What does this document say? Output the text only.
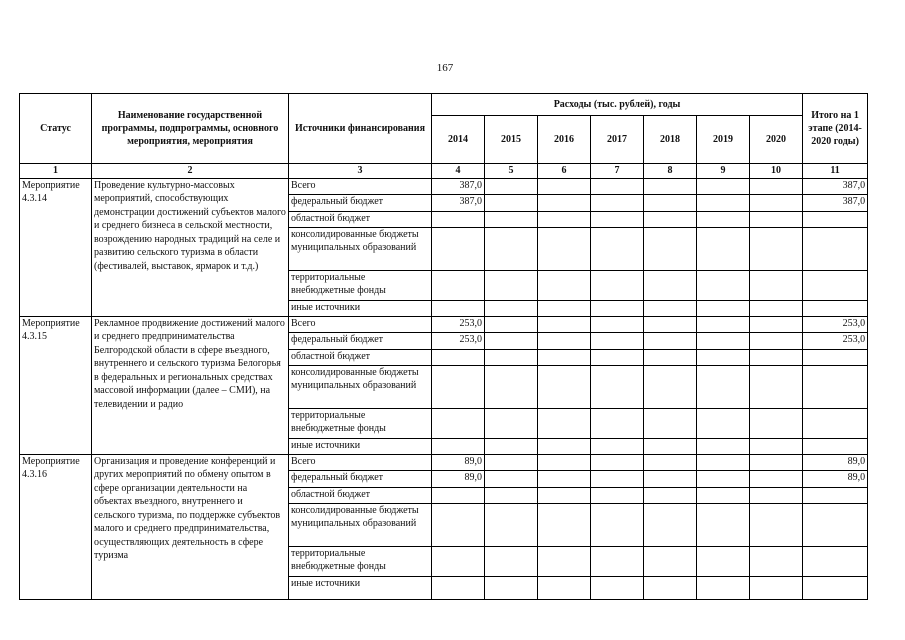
167
Статус	Наименование государственной программы, подпрограммы, основного мероприятия, мероприятия	Источники финансирования	Расходы (тыс. рублей), годы							Итого на 1 этапе (2014-2020 годы)
			2014	2015	2016	2017	2018	2019	2020	
1	2	3	4	5	6	7	8	9	10	11
Мероприятие 4.3.14	Проведение культурно-массовых мероприятий, способствующих демонстрации достижений субъектов малого и среднего бизнеса в сельской местности, возрождению народных традиций на селе и развитию сельского туризма в области (фестивалей, выставок, ярмарок и т.д.)	Всего	387,0							387,0
		федеральный бюджет	387,0							387,0
		областной бюджет								
		консолидированные бюджеты муниципальных образований								
		территориальные внебюджетные фонды								
		иные источники								
Мероприятие 4.3.15	Рекламное продвижение достижений малого и среднего предпринимательства Белгородской области в сфере въездного, внутреннего и сельского туризма Белогорья в федеральных и региональных средствах массовой информации (далее – СМИ), на телевидении и радио	Всего	253,0							253,0
		федеральный бюджет	253,0							253,0
		областной бюджет								
		консолидированные бюджеты муниципальных образований								
		территориальные внебюджетные фонды								
		иные источники								
Мероприятие 4.3.16	Организация и проведение конференций и других мероприятий по обмену опытом в сфере организации деятельности на объектах въездного, внутреннего и сельского туризма, по поддержке субъектов малого и среднего предпринимательства, осуществляющих деятельность в сфере туризма	Всего	89,0							89,0
		федеральный бюджет	89,0							89,0
		областной бюджет								
		консолидированные бюджеты муниципальных образований								
		территориальные внебюджетные фонды								
		иные источники								
